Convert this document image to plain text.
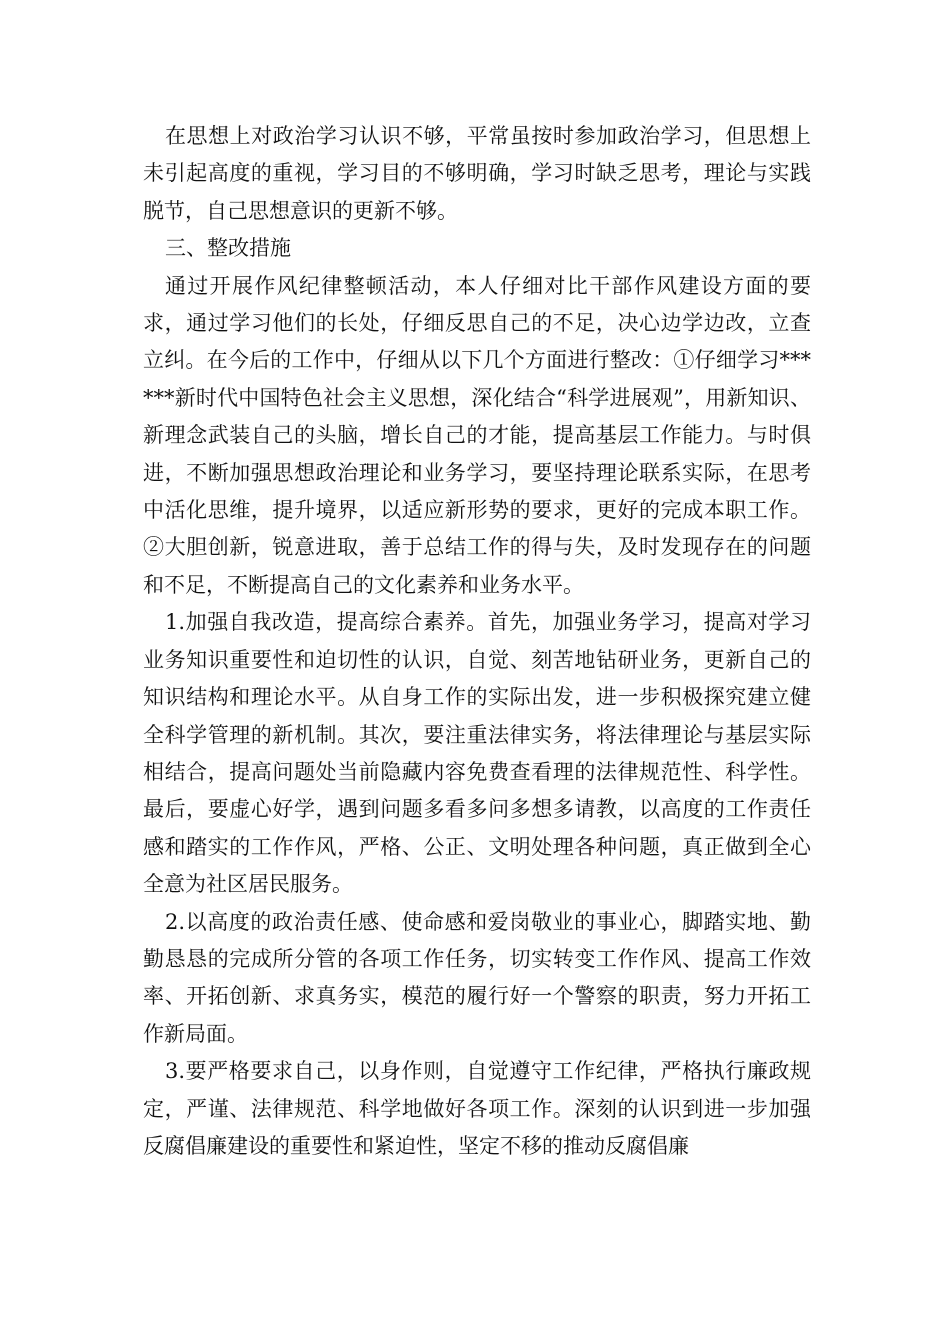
在思想上对政治学习认识不够，平常虽按时参加政治学习，但思想上未引起高度的重视，学习目的不够明确，学习时缺乏思考，理论与实践脱节，自己思想意识的更新不够。

三、整改措施

通过开展作风纪律整顿活动，本人仔细对比干部作风建设方面的要求，通过学习他们的长处，仔细反思自己的不足，决心边学边改，立查立纠。在今后的工作中，仔细从以下几个方面进行整改：①仔细学习******新时代中国特色社会主义思想，深化结合“科学进展观”，用新知识、新理念武装自己的头脑，增长自己的才能，提高基层工作能力。与时俱进，不断加强思想政治理论和业务学习，要坚持理论联系实际，在思考中活化思维，提升境界，以适应新形势的要求，更好的完成本职工作。②大胆创新，锐意进取，善于总结工作的得与失，及时发现存在的问题和不足，不断提高自己的文化素养和业务水平。

1.加强自我改造，提高综合素养。首先，加强业务学习，提高对学习业务知识重要性和迫切性的认识，自觉、刻苦地钻研业务，更新自己的知识结构和理论水平。从自身工作的实际出发，进一步积极探究建立健全科学管理的新机制。其次，要注重法律实务，将法律理论与基层实际相结合，提高问题处当前隐藏内容免费查看理的法律规范性、科学性。最后，要虚心好学，遇到问题多看多问多想多请教，以高度的工作责任感和踏实的工作作风，严格、公正、文明处理各种问题，真正做到全心全意为社区居民服务。

2.以高度的政治责任感、使命感和爱岗敬业的事业心，脚踏实地、勤勤恳恳的完成所分管的各项工作任务，切实转变工作作风、提高工作效率、开拓创新、求真务实，模范的履行好一个警察的职责，努力开拓工作新局面。

3.要严格要求自己，以身作则，自觉遵守工作纪律，严格执行廉政规定，严谨、法律规范、科学地做好各项工作。深刻的认识到进一步加强反腐倡廉建设的重要性和紧迫性，坚定不移的推动反腐倡廉
